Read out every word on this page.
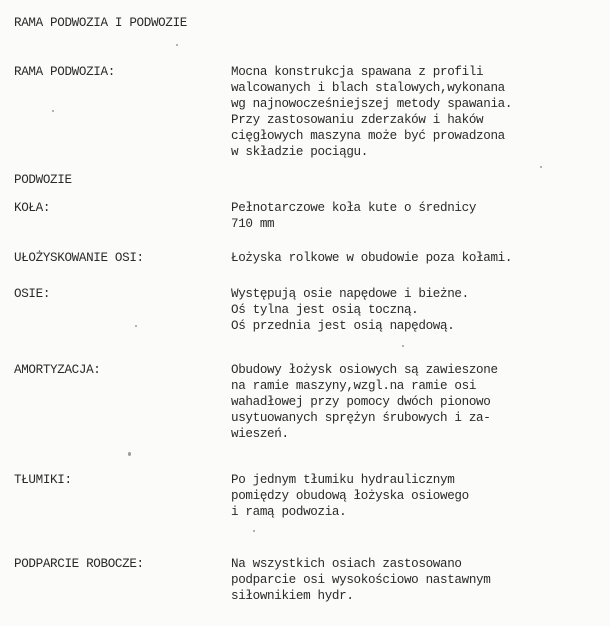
RAMA PODWOZIA I PODWOZIE
RAMA PODWOZIA:	Mocna konstrukcja spawana z profili
walcowanych i blach stalowych,wykonana
wg najnowocześniejszej metody spawania.
Przy zastosowaniu zderzaków i haków
cięgłowych maszyna może być prowadzona
w składzie pociągu.
PODWOZIE
KOŁA:	Pełnotarczowe koła kute o średnicy
710 mm
UŁOŻYSKOWANIE OSI:	Łożyska rolkowe w obudowie poza kołami.
OSIE:	Występują osie napędowe i bieżne.
Oś tylna jest osią toczną.
Oś przednia jest osią napędową.
AMORTYZACJA:	Obudowy łożysk osiowych są zawieszone
na ramie maszyny,wzgl.na ramie osi
wahadłowej przy pomocy dwóch pionowo
usytuowanych sprężyn śrubowych i za-
wieszeń.
TŁUMIKI:	Po jednym tłumiku hydraulicznym
pomiędzy obudową łożyska osiowego
i ramą podwozia.
PODPARCIE ROBOCZE:	Na wszystkich osiach zastosowano
podparcie osi wysokościowo nastawnym
siłownikiem hydr.
